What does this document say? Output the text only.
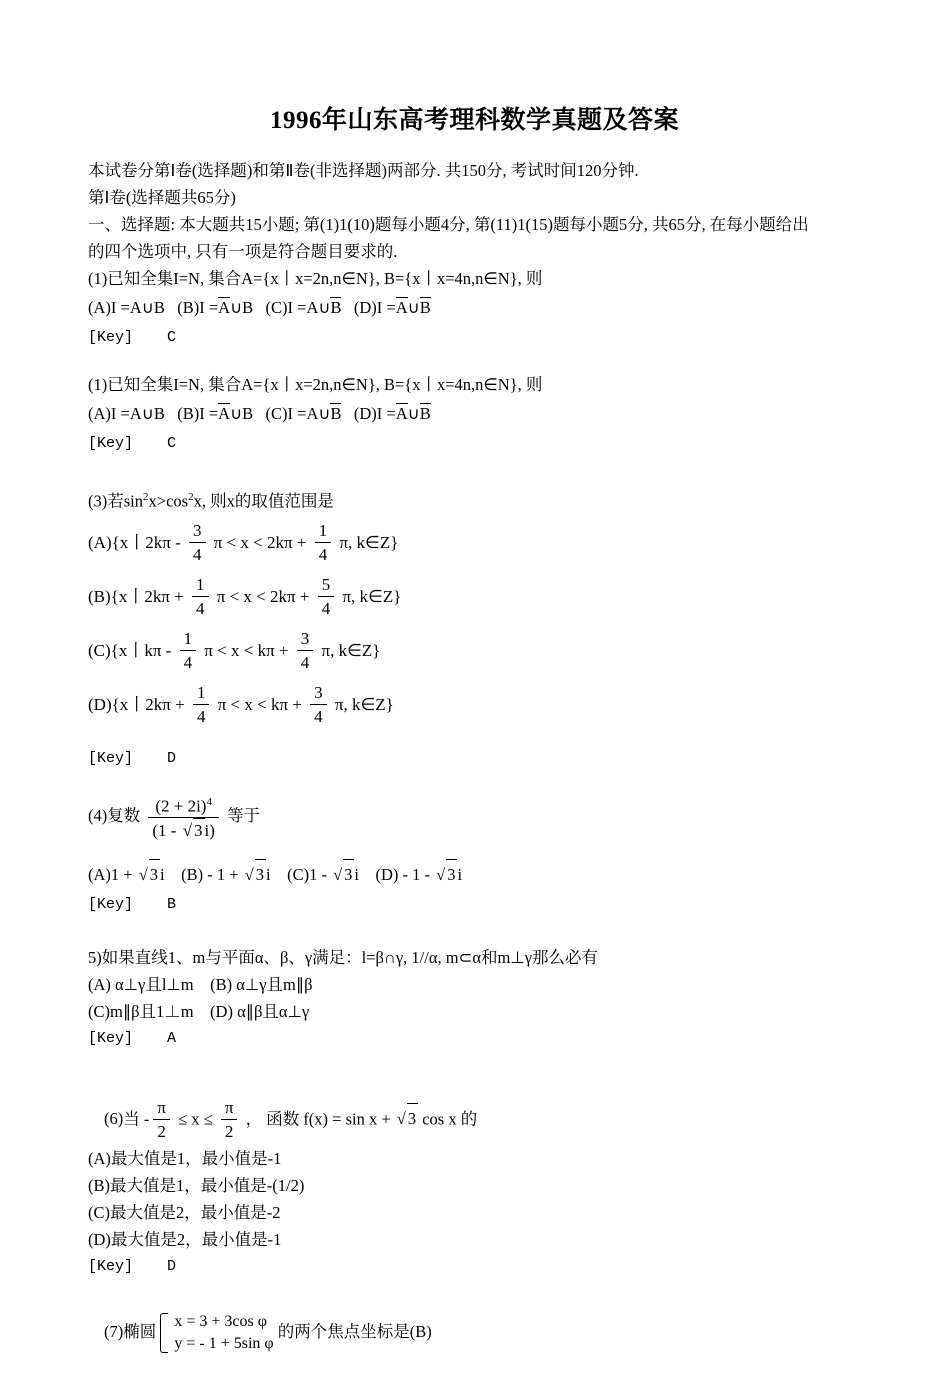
1996年山东高考理科数学真题及答案

本试卷分第Ⅰ卷(选择题)和第Ⅱ卷(非选择题)两部分. 共150分, 考试时间120分钟.

第Ⅰ卷(选择题共65分)

一、选择题: 本大题共15小题; 第(1)1(10)题每小题4分, 第(11)1(15)题每小题5分, 共65分, 在每小题给出

的四个选项中, 只有一项是符合题目要求的.

(1)已知全集I=N, 集合A={x丨x=2n,n∈N}, B={x丨x=4n,n∈N}, 则

(A)I =A∪B (B)I =A∪B (C)I =A∪B (D)I =A∪B

[Key] C

(1)已知全集I=N, 集合A={x丨x=2n,n∈N}, B={x丨x=4n,n∈N}, 则

(A)I =A∪B (B)I =A∪B (C)I =A∪B (D)I =A∪B

[Key] C

(3)若$\sin^2x>\cos^2x$, 则x的取值范围是

(A){x丨$2k\pi - \frac{3}{4}$ $\pi < x < 2k\pi + \frac{1}{4} \pi$, k∈Z}

(B){x丨$2k\pi + \frac{1}{4}$ $\pi < x < 2k\pi + \frac{5}{4} \pi$, k∈Z}

(C){x丨kπ - $\frac{1}{4}$ $\pi < x < k\pi + \frac{3}{4} \pi$, k∈Z}

(D){x丨$2k\pi + \frac{1}{4}$ $\pi < x < k\pi + \frac{3}{4} \pi$, k∈Z}

[Key] D

(4)复数 $\frac{(2 + 2i)^4}{(1 - √ 3 i)}$ 等于

(A)1 + √ 3 i (B) - 1 + √ 3 i (C)1 - √ 3 i (D) - 1 - √ 3 i

[Key] B

5)如果直线1、m与平面α、β、γ满足：l=β∩γ, 1//α, m⊂α和m⊥γ那么必有

(A) α⊥γ且l⊥m　(B) α⊥γ且m∥β

(C)m∥β且1⊥m　(D) α∥β且α⊥γ

[Key] A

(6)当 - $\frac{\pi}{2} \le x \le \frac{\pi}{2}$ ， 函数 f(x) = sin x + √ 3 cos x 的

(A)最大值是1，最小值是-1

(B)最大值是1，最小值是-(1/2)

(C)最大值是2，最小值是-2

(D)最大值是2，最小值是-1

[Key] D

(7)椭圆
x = 3 + 3cos φ
y = - 1 + 5sin φ
的两个焦点坐标是(B)
